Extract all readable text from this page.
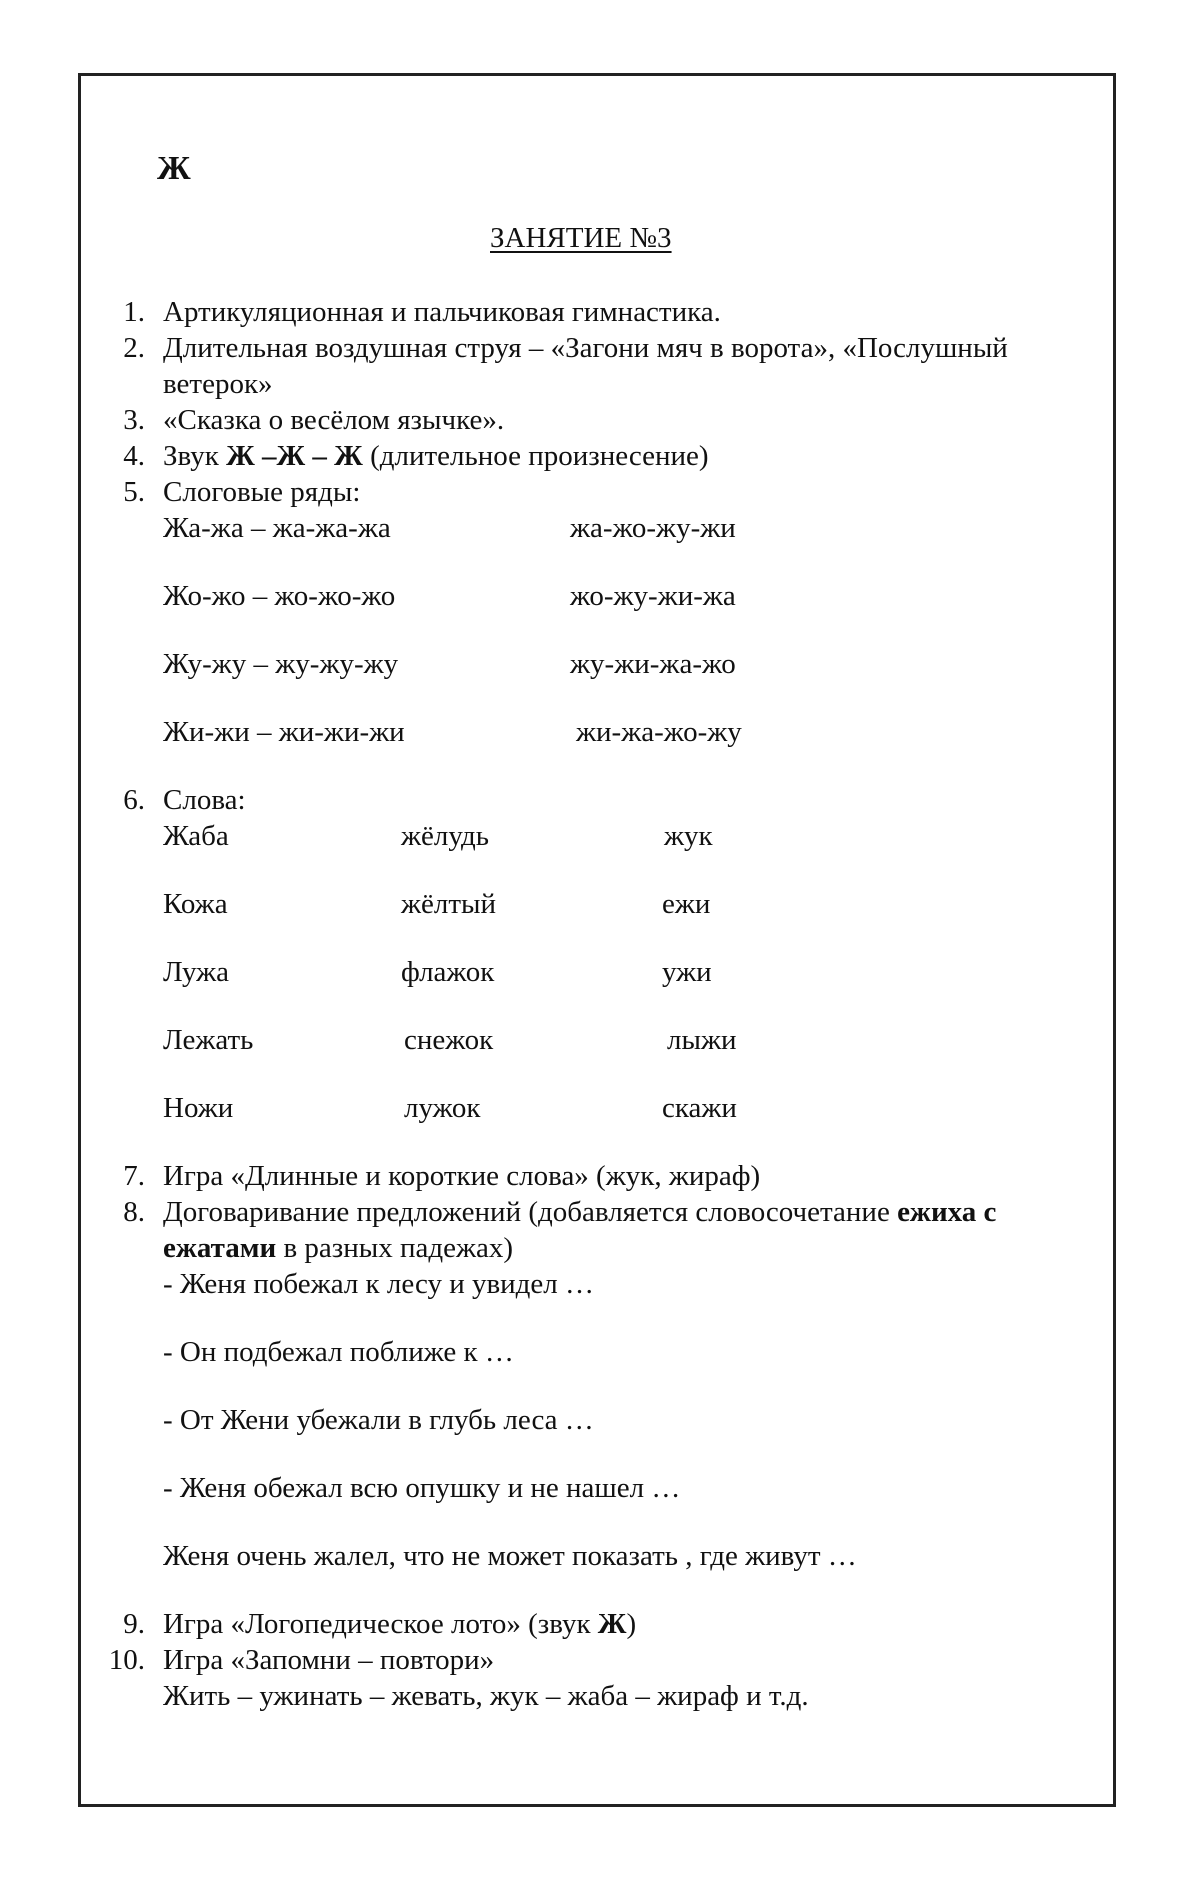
Ж
ЗАНЯТИЕ №3
1. Артикуляционная и пальчиковая гимнастика.
2. Длительная воздушная струя – «Загони мяч в ворота», «Послушный
ветерок»
3. «Сказка о весёлом язычке».
4. Звук Ж –Ж – Ж (длительное произнесение)
5. Слоговые ряды:
Жа-жа – жа-жа-жа	жа-жо-жу-жи
Жо-жо – жо-жо-жо	жо-жу-жи-жа
Жу-жу – жу-жу-жу	жу-жи-жа-жо
Жи-жи – жи-жи-жи	жи-жа-жо-жу
6. Слова:
Жаба	жёлудь	жук
Кожа	жёлтый	ежи
Лужа	флажок	ужи
Лежать	снежок	лыжи
Ножи	лужок	скажи
7. Игра «Длинные и короткие слова» (жук, жираф)
8. Договаривание предложений (добавляется словосочетание ежиха с
ежатами в разных падежах)
- Женя побежал к лесу и увидел …
- Он подбежал поближе к …
- От Жени убежали в глубь леса …
- Женя обежал всю опушку и не нашел …
Женя очень жалел, что не может показать , где живут …
9. Игра «Логопедическое лото» (звук Ж)
10. Игра «Запомни – повтори»
Жить – ужинать – жевать, жук – жаба – жираф и т.д.
